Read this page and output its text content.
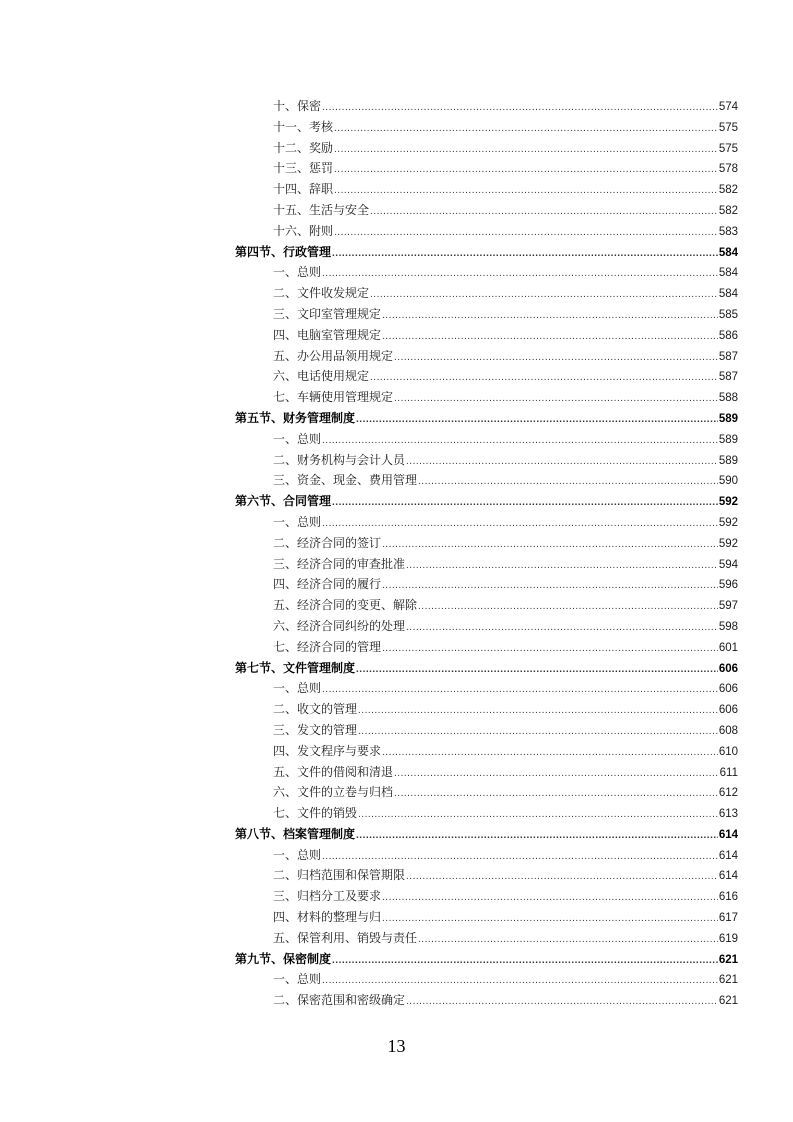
十、保密 .....	574
十一、考核 .....	575
十二、奖励 .....	575
十三、惩罚 .....	578
十四、辞职 .....	582
十五、生活与安全 .....	582
十六、附则 .....	583
第四节、行政管理 .....	584
一、总则 .....	584
二、文件收发规定 .....	584
三、文印室管理规定 .....	585
四、电脑室管理规定 .....	586
五、办公用品领用规定 .....	587
六、电话使用规定 .....	587
七、车辆使用管理规定 .....	588
第五节、财务管理制度 .....	589
一、总则 .....	589
二、财务机构与会计人员 .....	589
三、资金、现金、费用管理 .....	590
第六节、合同管理 .....	592
一、总则 .....	592
二、经济合同的签订 .....	592
三、经济合同的审查批准 .....	594
四、经济合同的履行 .....	596
五、经济合同的变更、解除 .....	597
六、经济合同纠纷的处理 .....	598
七、经济合同的管理 .....	601
第七节、文件管理制度 .....	606
一、总则 .....	606
二、收文的管理 .....	606
三、发文的管理 .....	608
四、发文程序与要求 .....	610
五、文件的借阅和清退 .....	611
六、文件的立卷与归档 .....	612
七、文件的销毁 .....	613
第八节、档案管理制度 .....	614
一、总则 .....	614
二、归档范围和保管期限 .....	614
三、归档分工及要求 .....	616
四、材料的整理与归 .....	617
五、保管利用、销毁与责任 .....	619
第九节、保密制度 .....	621
一、总则 .....	621
二、保密范围和密级确定 .....	621
13
